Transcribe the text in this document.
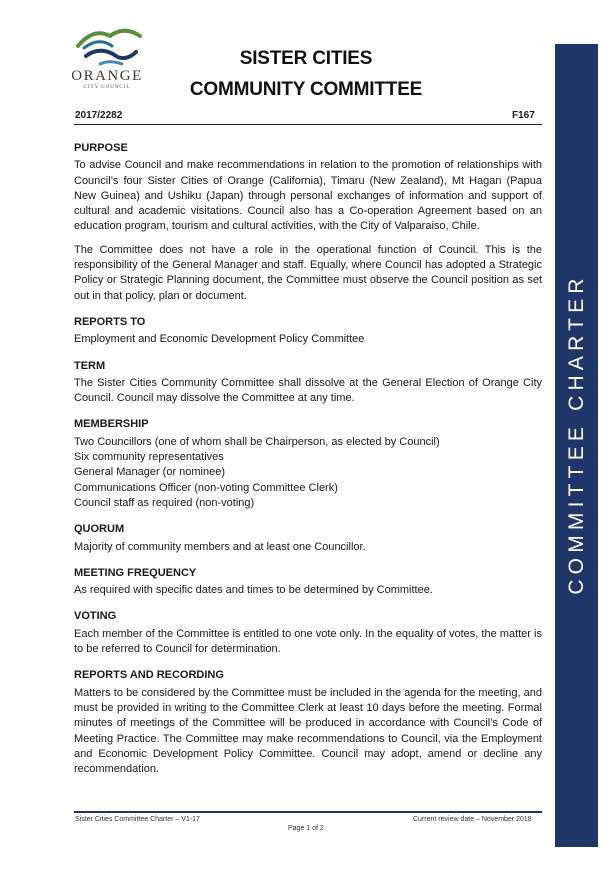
ORANGE
CITY COUNCIL
SISTER CITIES
COMMUNITY COMMITTEE
2017/2282	F167
PURPOSE

To advise Council and make recommendations in relation to the promotion of relationships with Council’s four Sister Cities of Orange (California), Timaru (New Zealand), Mt Hagan (Papua New Guinea) and Ushiku (Japan) through personal exchanges of information and support of cultural and academic visitations. Council also has a Co-operation Agreement based on an education program, tourism and cultural activities, with the City of Valparaiso, Chile.

The Committee does not have a role in the operational function of Council. This is the responsibility of the General Manager and staff. Equally, where Council has adopted a Strategic Policy or Strategic Planning document, the Committee must observe the Council position as set out in that policy, plan or document.

REPORTS TO

Employment and Economic Development Policy Committee

TERM

The Sister Cities Community Committee shall dissolve at the General Election of Orange City Council. Council may dissolve the Committee at any time.

MEMBERSHIP
Two Councillors (one of whom shall be Chairperson, as elected by Council)
Six community representatives
General Manager (or nominee)
Communications Officer (non-voting Committee Clerk)
Council staff as required (non-voting)
QUORUM

Majority of community members and at least one Councillor.

MEETING FREQUENCY

As required with specific dates and times to be determined by Committee.

VOTING

Each member of the Committee is entitled to one vote only. In the equality of votes, the matter is to be referred to Council for determination.

REPORTS AND RECORDING

Matters to be considered by the Committee must be included in the agenda for the meeting, and must be provided in writing to the Committee Clerk at least 10 days before the meeting. Formal minutes of meetings of the Committee will be produced in accordance with Council’s Code of Meeting Practice. The Committee may make recommendations to Council, via the Employment and Economic Development Policy Committee. Council may adopt, amend or decline any recommendation.

COMMITTEE CHARTER
Sister Cities Committee Charter – V1-17	Current review date – November 2018
Page 1 of 2
